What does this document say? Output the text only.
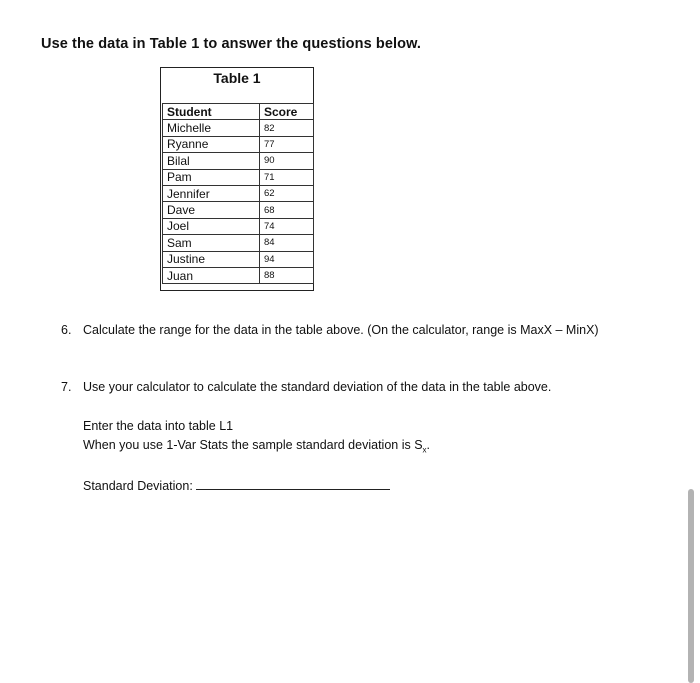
Use the data in Table 1 to answer the questions below.
Table 1
Student	Score
Michelle	82
Ryanne	77
Bilal	90
Pam	71
Jennifer	62
Dave	68
Joel	74
Sam	84
Justine	94
Juan	88
6. Calculate the range for the data in the table above. (On the calculator, range is MaxX – MinX)
7. Use your calculator to calculate the standard deviation of the data in the table above.
Enter the data into table L1
When you use 1-Var Stats the sample standard deviation is $S_x$.
Standard Deviation:
